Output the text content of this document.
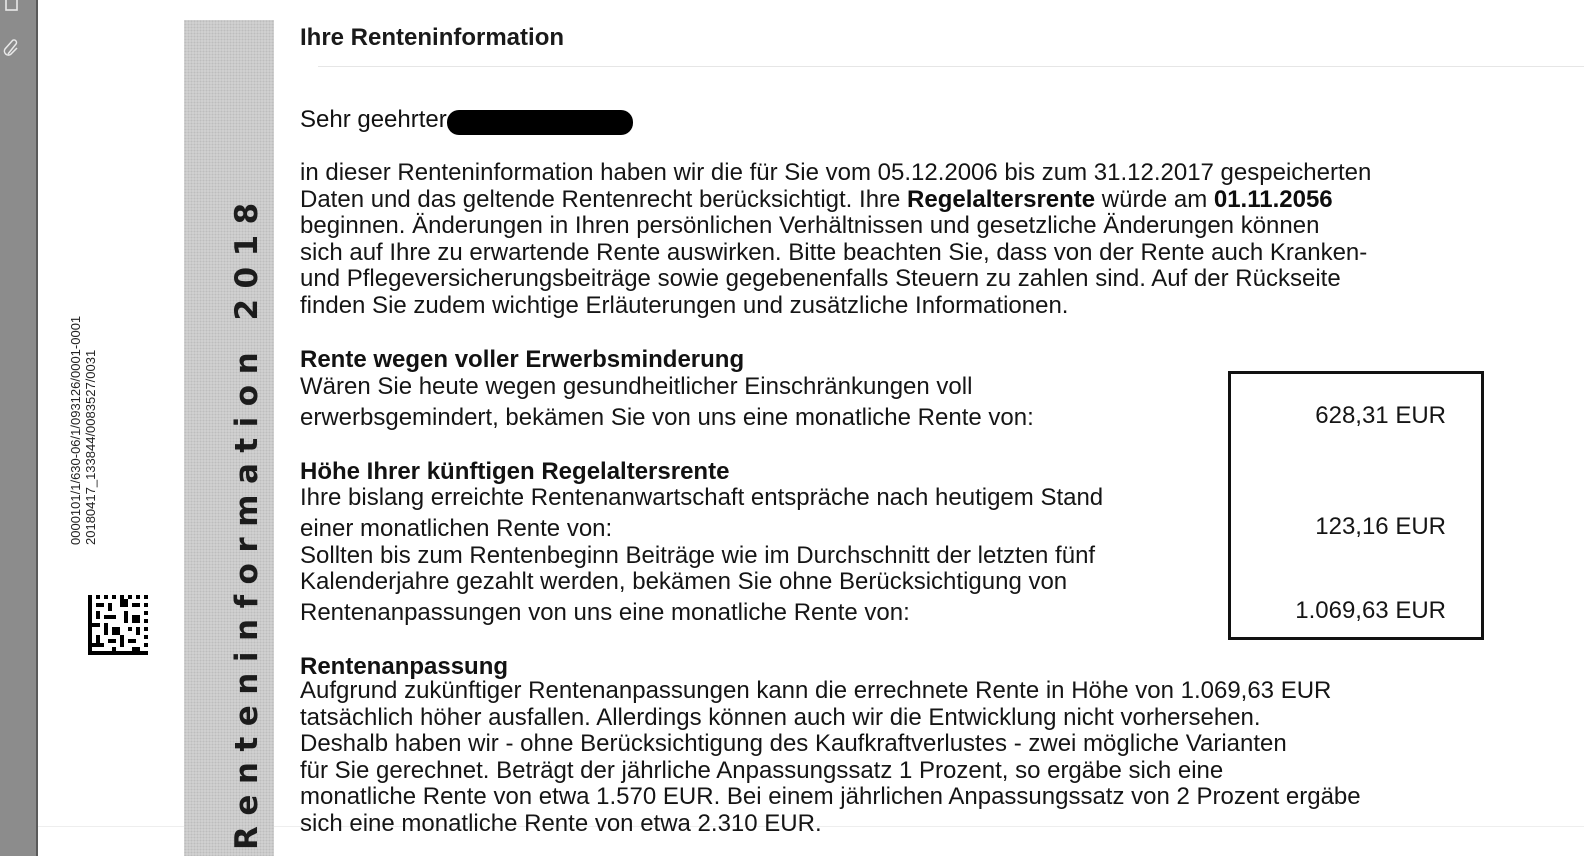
0000101/1/630-06/1/093126/0001-0001 20180417_133844/0083527/0031	Renteninformation 2018
Ihre Renteninformation
Sehr geehrter
in dieser Renteninformation haben wir die für Sie vom 05.12.2006 bis zum 31.12.2017 gespeicherten
Daten und das geltende Rentenrecht berücksichtigt. Ihre Regelaltersrente würde am 01.11.2056
beginnen. Änderungen in Ihren persönlichen Verhältnissen und gesetzliche Änderungen können
sich auf Ihre zu erwartende Rente auswirken. Bitte beachten Sie, dass von der Rente auch Kranken-
und Pflegeversicherungsbeiträge sowie gegebenenfalls Steuern zu zahlen sind. Auf der Rückseite
finden Sie zudem wichtige Erläuterungen und zusätzliche Informationen.
Rente wegen voller Erwerbsminderung
Wären Sie heute wegen gesundheitlicher Einschränkungen voll
erwerbsgemindert, bekämen Sie von uns eine monatliche Rente von:
Höhe Ihrer künftigen Regelaltersrente
Ihre bislang erreichte Rentenanwartschaft entspräche nach heutigem Stand
einer monatlichen Rente von:
Sollten bis zum Rentenbeginn Beiträge wie im Durchschnitt der letzten fünf
Kalenderjahre gezahlt werden, bekämen Sie ohne Berücksichtigung von
Rentenanpassungen von uns eine monatliche Rente von:
628,31 EUR
123,16 EUR
1.069,63 EUR
Rentenanpassung
Aufgrund zukünftiger Rentenanpassungen kann die errechnete Rente in Höhe von 1.069,63 EUR
tatsächlich höher ausfallen. Allerdings können auch wir die Entwicklung nicht vorhersehen.
Deshalb haben wir - ohne Berücksichtigung des Kaufkraftverlustes - zwei mögliche Varianten
für Sie gerechnet. Beträgt der jährliche Anpassungssatz 1 Prozent, so ergäbe sich eine
monatliche Rente von etwa 1.570 EUR. Bei einem jährlichen Anpassungssatz von 2 Prozent ergäbe
sich eine monatliche Rente von etwa 2.310 EUR.
